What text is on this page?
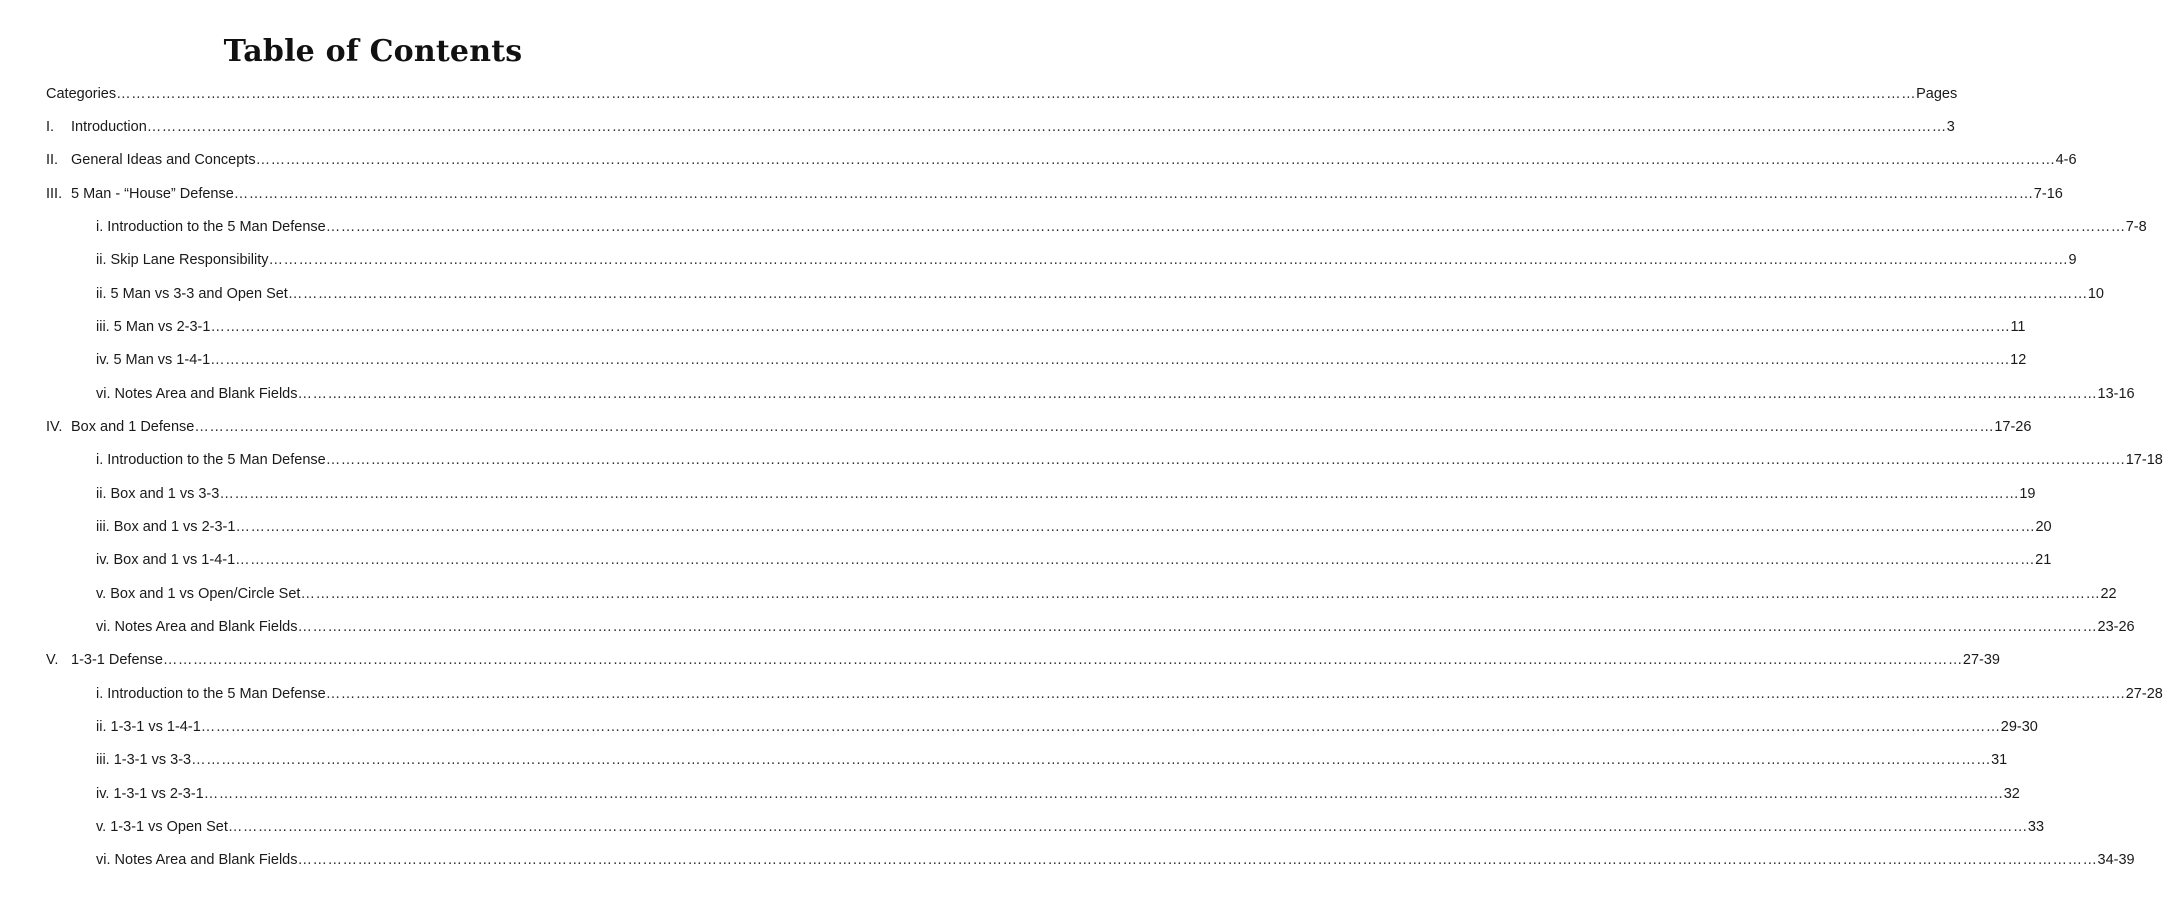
Table of Contents
Categories ……………………………………………………………………………………………………………………………………………………………………………………………………………………………………………………………………………………………………………………………… Pages
I.	Introduction ……………………………………………………………………………………………………………………………………………………………………………………………………………………………………………………………………………………………………………………………… 3
II. General Ideas and Concepts ……………………………………………………………………………………………………………………………………………………………………………………………………………………………………………………………………………………………………………………………… 4-6
III. 5 Man - “House” Defense ……………………………………………………………………………………………………………………………………………………………………………………………………………………………………………………………………………………………………………………………… 7-16
i. Introduction to the 5 Man Defense ……………………………………………………………………………………………………………………………………………………………………………………………………………………………………………………………………………………………………………………………… 7-8
ii. Skip Lane Responsibility ……………………………………………………………………………………………………………………………………………………………………………………………………………………………………………………………………………………………………………………………… 9
ii. 5 Man vs 3-3 and Open Set ……………………………………………………………………………………………………………………………………………………………………………………………………………………………………………………………………………………………………………………………… 10
iii. 5 Man vs 2-3-1 ……………………………………………………………………………………………………………………………………………………………………………………………………………………………………………………………………………………………………………………………… 11
iv. 5 Man vs 1-4-1 ……………………………………………………………………………………………………………………………………………………………………………………………………………………………………………………………………………………………………………………………… 12
vi. Notes Area and Blank Fields ……………………………………………………………………………………………………………………………………………………………………………………………………………………………………………………………………………………………………………………………… 13-16
IV. Box and 1 Defense ……………………………………………………………………………………………………………………………………………………………………………………………………………………………………………………………………………………………………………………………… 17-26
i. Introduction to the 5 Man Defense ……………………………………………………………………………………………………………………………………………………………………………………………………………………………………………………………………………………………………………………………… 17-18
ii. Box and 1 vs 3-3 ……………………………………………………………………………………………………………………………………………………………………………………………………………………………………………………………………………………………………………………………… 19
iii. Box and 1 vs 2-3-1 ……………………………………………………………………………………………………………………………………………………………………………………………………………………………………………………………………………………………………………………………… 20
iv. Box and 1 vs 1-4-1 ……………………………………………………………………………………………………………………………………………………………………………………………………………………………………………………………………………………………………………………………… 21
v. Box and 1 vs Open/Circle Set ……………………………………………………………………………………………………………………………………………………………………………………………………………………………………………………………………………………………………………………………… 22
vi. Notes Area and Blank Fields ……………………………………………………………………………………………………………………………………………………………………………………………………………………………………………………………………………………………………………………………… 23-26
V. 1-3-1 Defense ……………………………………………………………………………………………………………………………………………………………………………………………………………………………………………………………………………………………………………………………… 27-39
i. Introduction to the 5 Man Defense ……………………………………………………………………………………………………………………………………………………………………………………………………………………………………………………………………………………………………………………………… 27-28
ii. 1-3-1 vs 1-4-1 ……………………………………………………………………………………………………………………………………………………………………………………………………………………………………………………………………………………………………………………………… 29-30
iii. 1-3-1 vs 3-3 ……………………………………………………………………………………………………………………………………………………………………………………………………………………………………………………………………………………………………………………………… 31
iv. 1-3-1 vs 2-3-1 ……………………………………………………………………………………………………………………………………………………………………………………………………………………………………………………………………………………………………………………………… 32
v. 1-3-1 vs Open Set ……………………………………………………………………………………………………………………………………………………………………………………………………………………………………………………………………………………………………………………………… 33
vi. Notes Area and Blank Fields ……………………………………………………………………………………………………………………………………………………………………………………………………………………………………………………………………………………………………………………………… 34-39
